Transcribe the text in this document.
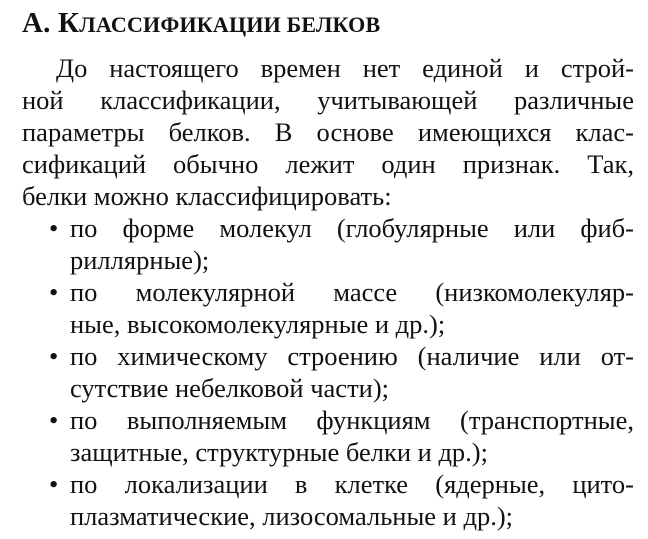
А. КЛАССИФИКАЦИИ БЕЛКОВ
До настоящего времен нет единой и строй-
ной классификации, учитывающей различные
параметры белков. В основе имеющихся клас-
сификаций обычно лежит один признак. Так,
белки можно классифицировать:
• по форме молекул (глобулярные или фиб-
риллярные);
• по молекулярной массе (низкомолекуляр-
ные, высокомолекулярные и др.);
• по химическому строению (наличие или от-
сутствие небелковой части);
• по выполняемым функциям (транспортные,
защитные, структурные белки и др.);
• по локализации в клетке (ядерные, цито-
плазматические, лизосомальные и др.);
